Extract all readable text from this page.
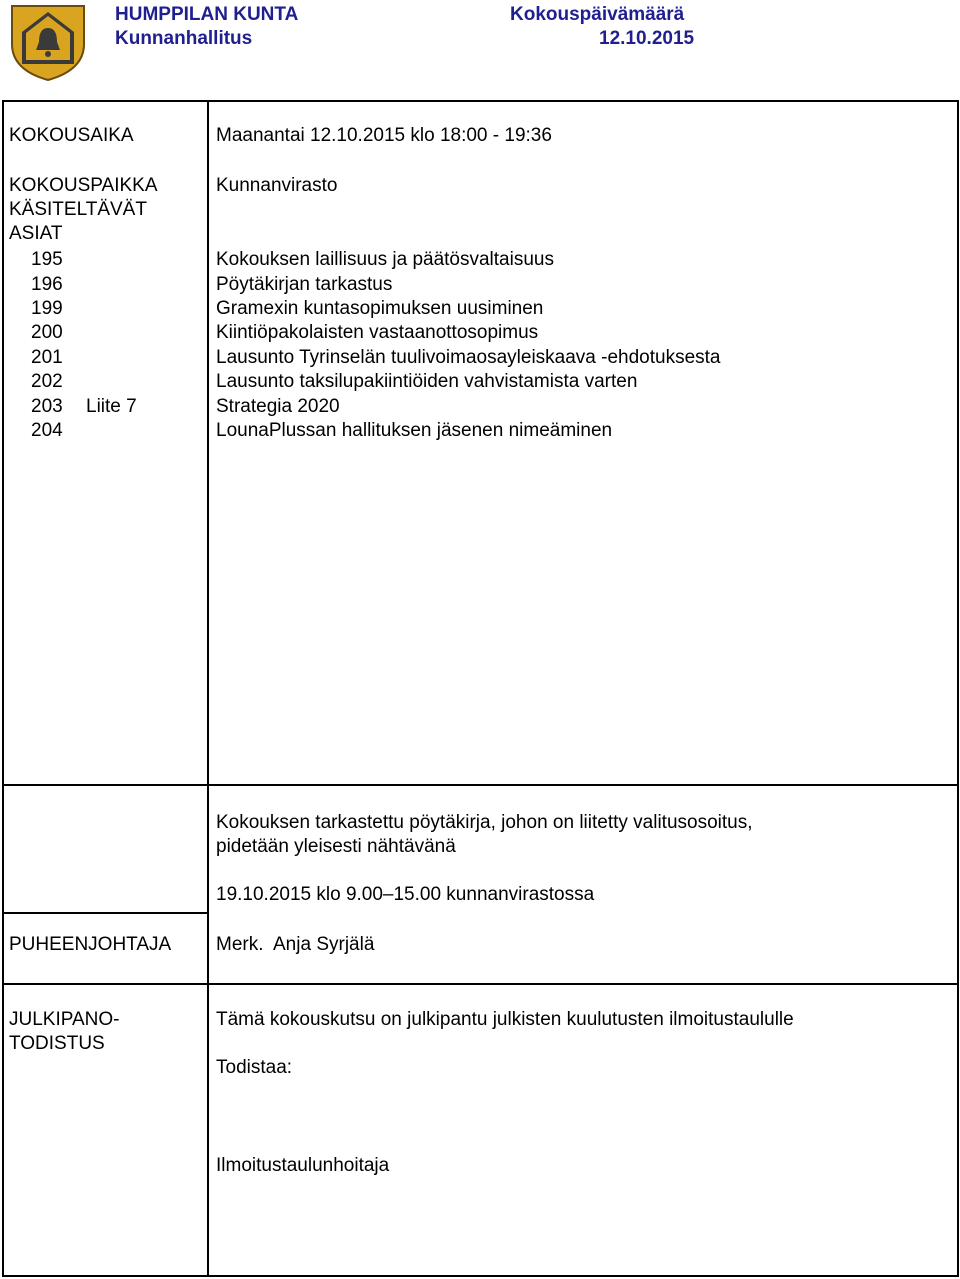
HUMPPILAN KUNTA
Kunnanhallitus
Kokouspäivämäärä
12.10.2015
KOKOUSAIKA	Maanantai 12.10.2015 klo 18:00 - 19:36
KOKOUSPAIKKA	Kunnanvirasto
KÄSITELTÄVÄT
ASIAT
195	Kokouksen laillisuus ja päätösvaltaisuus
196	Pöytäkirjan tarkastus
199	Gramexin kuntasopimuksen uusiminen
200	Kiintiöpakolaisten vastaanottosopimus
201	Lausunto Tyrinselän tuulivoimaosayleiskaava -ehdotuksesta
202	Lausunto taksilupakiintiöiden vahvistamista varten
203 Liite 7	Strategia 2020
204	LounaPlussan hallituksen jäsenen nimeäminen
Kokouksen tarkastettu pöytäkirja, johon on liitetty valitusosoitus,
pidetään yleisesti nähtävänä
19.10.2015 klo 9.00–15.00 kunnanvirastossa
PUHEENJOHTAJA Merk.  Anja Syrjälä
JULKIPANO-
TODISTUS
Tämä kokouskutsu on julkipantu julkisten kuulutusten ilmoitustaululle
Todistaa:
Ilmoitustaulunhoitaja
